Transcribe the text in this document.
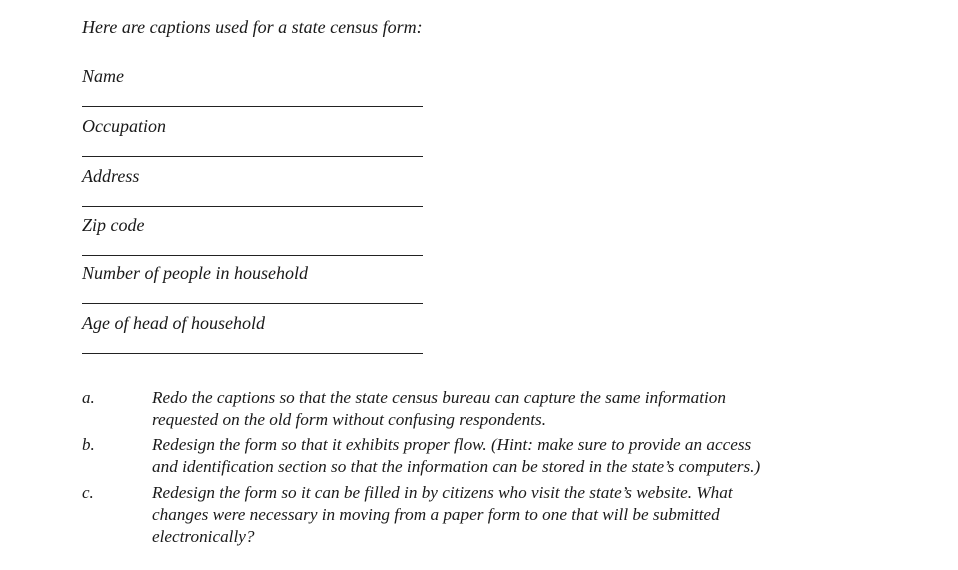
Here are captions used for a state census form:
Name
Occupation
Address
Zip code
Number of people in household
Age of head of household
a.	Redo the captions so that the state census bureau can capture the same information
requested on the old form without confusing respondents.
b.	Redesign the form so that it exhibits proper flow. (Hint: make sure to provide an access
and identification section so that the information can be stored in the state’s computers.)
c.	Redesign the form so it can be filled in by citizens who visit the state’s website. What
changes were necessary in moving from a paper form to one that will be submitted
electronically?
